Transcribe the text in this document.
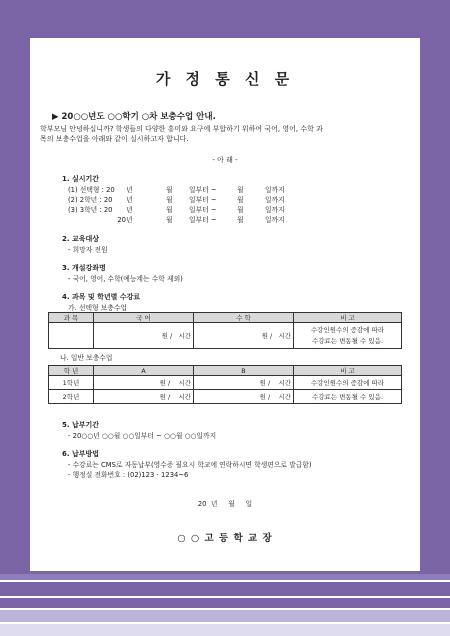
가 정 통 신 문
▶ 20○○년도 ○○학기 ○차 보충수업 안내.
학부모님 안녕하십니까? 학생들의 다양한 흥미와 요구에 부합하기 위하여 국어, 영어, 수학 과
목의 보충수업을 아래와 같이 실시하고자 합니다.
- 아 래 -
1. 실시기간
(1) 선택형 : 20 년	월 일부터 ~	월	일까지
(2) 2학년 : 20 년	월 일부터 ~	월	일까지
(3) 3학년 : 20 년	월 일부터 ~	월	일까지
20년	월 일부터 ~	월	일까지
2. 교육대상
- 희망자 전원
3. 개설강좌명
- 국어, 영어, 수학(예능계는 수학 제외)
4. 과목 및 학년별 수강료
가. 선택형 보충수업
과 목	국 어	수 학	비 고
	원 / 시간	원 / 시간	수강인원수의 증감에 따라
수강료는 변동될 수 있음.
나. 일반 보충수업
학 년	A	B	비 고
1학년	원 / 시간	원 / 시간	수강인원수의 증감에 따라
2학년	원 / 시간	원 / 시간	수강료는 변동될 수 있음.
5. 납부기간
- 20○○년 ○○월 ○○일부터 ~ ○○월 ○○일까지
6. 납부방법
- 수강료는 CMS로 자동납부(영수증 필요시 학교에 연락하시면 학생편으로 발급함)
- 행정실 전화번호 : (02)123 - 1234~6
20 년 월 일
○ ○ 고 등 학 교 장
